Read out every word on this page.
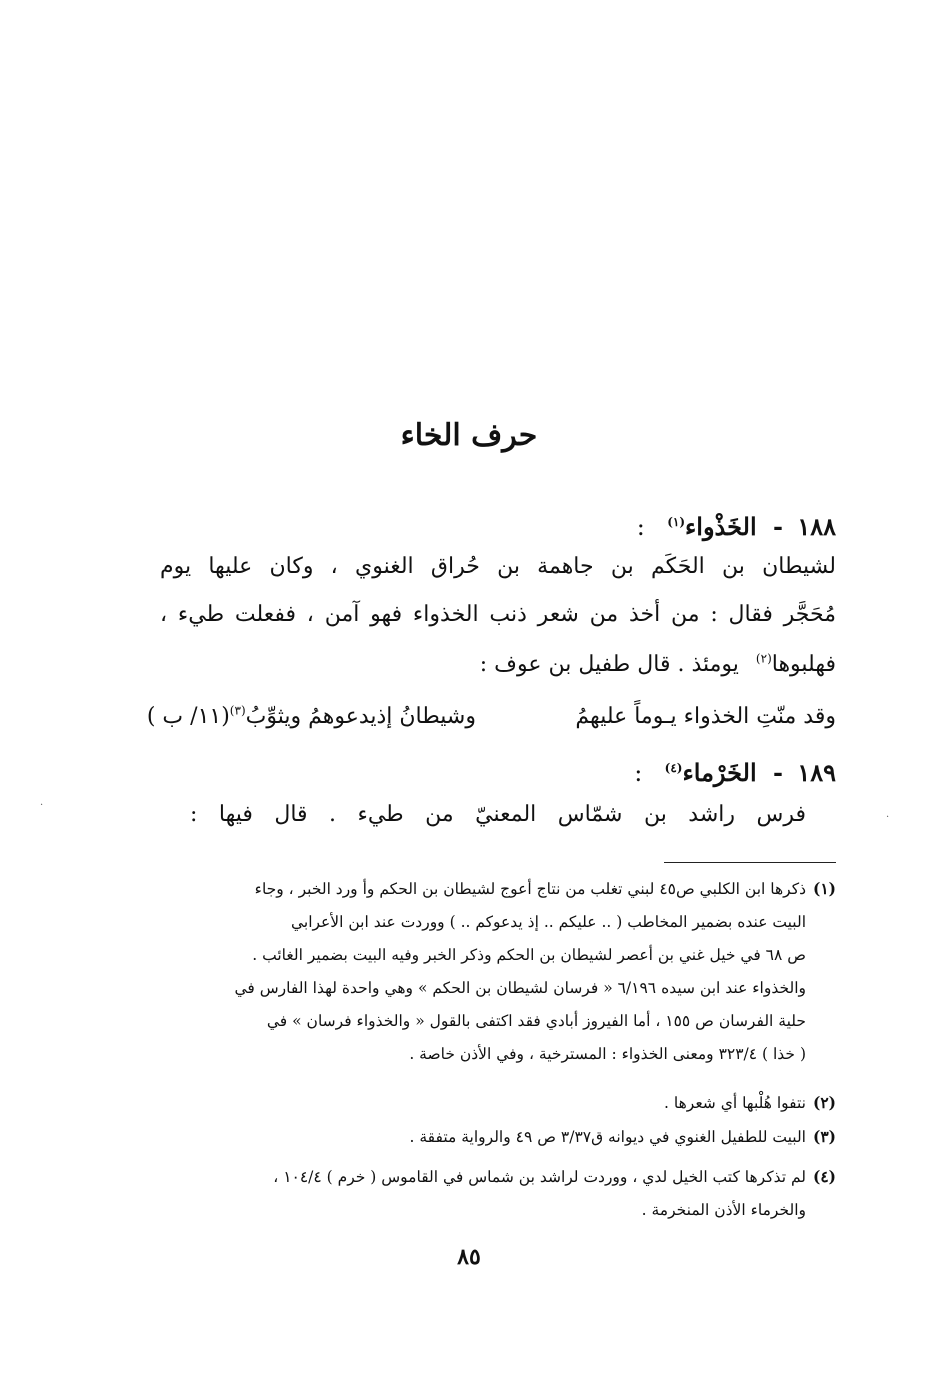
حرف الخاء
١٨٨ - الخَذْواء$^{(١)}$ :
لشيطان بن الحَكَم بن جاهمة بن حُراق الغنوي ، وكان عليها يوم
مُحَجَّر فقال : من أخذ من شعر ذنب الخذواء فهو آمن ، ففعلت طيء ،
فهلبوها$^{(٢)}$ يومئذ . قال طفيل بن عوف :
وقد منّتِ الخذواء يـوماً عليهمُ
وشيطانُ إذيدعوهمُ ويثوِّبُ$^{(٣)}$(١١/ ب )
١٨٩ - الخَرْماء$^{(٤)}$ :
فرس راشد بن شمّاس المعنيّ من طيء . قال فيها :
(١)ذكرها ابن الكلبي ص٤٥ لبني تغلب من نتاج أعوج لشيطان بن الحكم وأ ورد الخبر ، وجاء
البيت عنده بضمير المخاطب ( .. عليكم .. إذ يدعوكم .. ) ووردت عند ابن الأعرابي
ص ٦٨ في خيل غني بن أعصر لشيطان بن الحكم وذكر الخبر وفيه البيت بضمير الغائب .
والخذواء عند ابن سيده ٦/١٩٦ « فرسان لشيطان بن الحكم » وهي واحدة لهذا الفارس في
حلية الفرسان ص ١٥٥ ، أما الفيروز أبادي فقد اكتفى بالقول « والخذواء فرسان » في
( خذا ) ٣٢٣/٤ ومعنى الخذواء : المسترخية ، وفي الأذن خاصة .
(٢)نتفوا هُلْبها أي شعرها .
(٣)البيت للطفيل الغنوي في ديوانه ق٣/٣٧ ص ٤٩ والرواية متفقة .
(٤)لم تذكرها كتب الخيل لدي ، ووردت لراشد بن شماس في القاموس ( خرم ) ١٠٤/٤ ،
والخرماء الأذن المنخرمة .
٨٥
·
·
